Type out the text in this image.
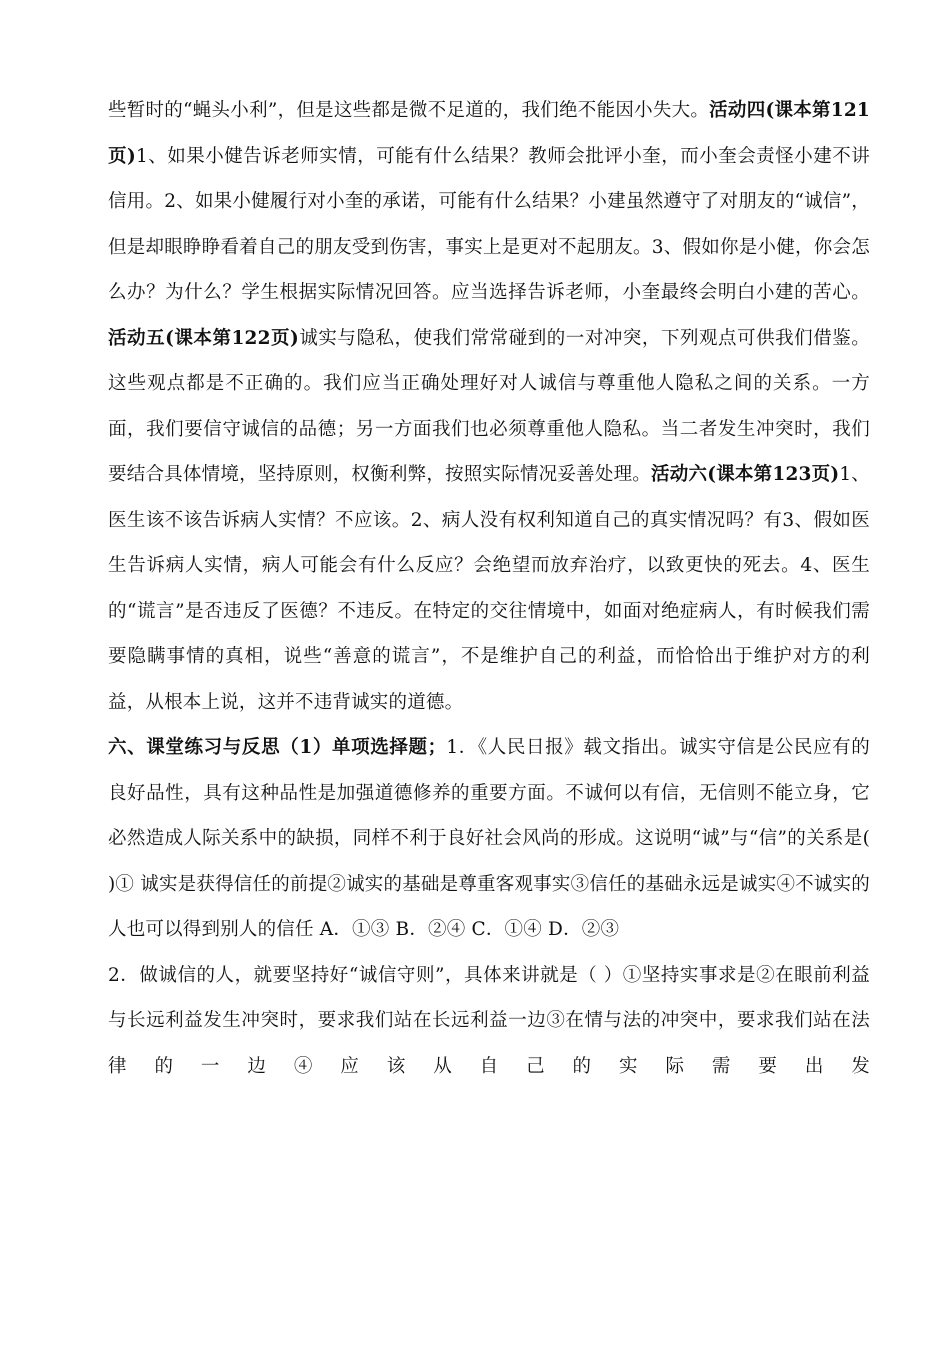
些暂时的“蝇头小利”，但是这些都是微不足道的，我们绝不能因小失大。活动四(课本第121页)1、如果小健告诉老师实情，可能有什么结果？教师会批评小奎，而小奎会责怪小建不讲信用。2、如果小健履行对小奎的承诺，可能有什么结果？小建虽然遵守了对朋友的“诚信”，但是却眼睁睁看着自己的朋友受到伤害，事实上是更对不起朋友。3、假如你是小健，你会怎么办？为什么？学生根据实际情况回答。应当选择告诉老师，小奎最终会明白小建的苦心。活动五(课本第122页)诚实与隐私，使我们常常碰到的一对冲突，下列观点可供我们借鉴。这些观点都是不正确的。我们应当正确处理好对人诚信与尊重他人隐私之间的关系。一方面，我们要信守诚信的品德；另一方面我们也必须尊重他人隐私。当二者发生冲突时，我们要结合具体情境，坚持原则，权衡利弊，按照实际情况妥善处理。活动六(课本第123页)1、医生该不该告诉病人实情？不应该。2、病人没有权利知道自己的真实情况吗？有3、假如医生告诉病人实情，病人可能会有什么反应？会绝望而放弃治疗，以致更快的死去。4、医生的“谎言”是否违反了医德？不违反。在特定的交往情境中，如面对绝症病人，有时候我们需要隐瞒事情的真相，说些“善意的谎言”，不是维护自己的利益，而恰恰出于维护对方的利益，从根本上说，这并不违背诚实的道德。

六、课堂练习与反思（1）单项选择题；1．《人民日报》载文指出。诚实守信是公民应有的良好品性，具有这种品性是加强道德修养的重要方面。不诚何以有信，无信则不能立身，它必然造成人际关系中的缺损，同样不利于良好社会风尚的形成。这说明“诚”与“信”的关系是( )① 诚实是获得信任的前提②诚实的基础是尊重客观事实③信任的基础永远是诚实④不诚实的人也可以得到别人的信任 A．①③ B．②④ C．①④ D．②③

2．做诚信的人，就要坚持好“诚信守则”，具体来讲就是（ ）①坚持实事求是②在眼前利益与长远利益发生冲突时，要求我们站在长远利益一边③在情与法的冲突中，要求我们站在法律的一边④应该从自己的实际需要出发
